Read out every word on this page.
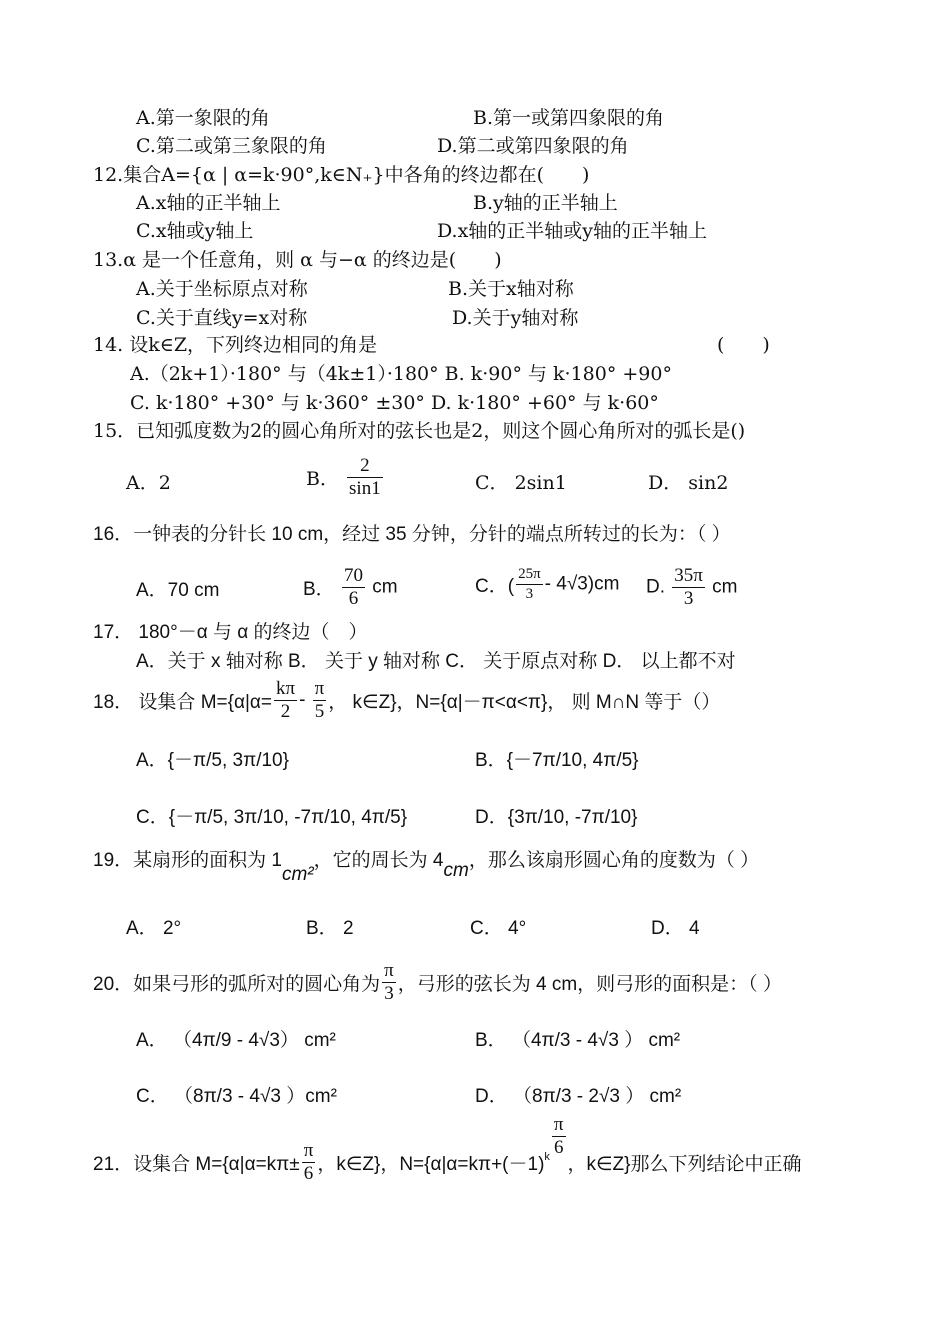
A.第一象限的角	B.第一或第四象限的角
C.第二或第三象限的角	D.第二或第四象限的角
12.集合A={α | α=k·90°,k∈N₊}中各角的终边都在(　　)
A.x轴的正半轴上	B.y轴的正半轴上
C.x轴或y轴上	D.x轴的正半轴或y轴的正半轴上
13.α 是一个任意角，则 α 与−α 的终边是(　　)
A.关于坐标原点对称	B.关于x轴对称
C.关于直线y=x对称	D.关于y轴对称
14. 设k∈Z，下列终边相同的角是	(　　)
A.（2k+1）·180° 与（4k±1）·180° B. k·90° 与 k·180° +90°
C. k·180° +30° 与 k·360° ±30° D. k·180° +60° 与 k·60°
15．已知弧度数为2的圆心角所对的弦长也是2，则这个圆心角所对的弧长是()
A．2	B． $\frac{2}{\sin 1}$	C． 2sin1	D． sin2
16．一钟表的分针长 10 cm，经过 35 分钟，分针的端点所转过的长为：（ ）
A．70 cm	B． $\frac{70}{6}$ cm	C．( $\frac{25\pi}{3} - 4√3)cm$ D. $\frac{35\pi}{3}$ cm
17． 180°－α 与 α 的终边（　）
A．关于 x 轴对称 B． 关于 y 轴对称 C． 关于原点对称 D． 以上都不对
18． 设集合 $M=\{\alpha|\alpha= \frac{k\pi}{2} - \frac{\pi}{5}$ ， k∈Z}，N={α|－π<α<π}， 则 M∩N 等于（）
A．{－π/5, 3π/10}	B．{－7π/10, 4π/5}
C．{－π/5, 3π/10, -7π/10, 4π/5}	D．{3π/10, -7π/10}
19．某扇形的面积为 1cm²，它的周长为 4cm，那么该扇形圆心角的度数为（ ）
A． 2°	B． 2	C． 4°	D． 4
20．如果弓形的弧所对的圆心角为 $\frac{\pi}{3}$ ，弓形的弦长为 4 cm，则弓形的面积是：（ ）
A． （4π/9 - 4√3） cm²	B． （4π/3 - 4√3 ） cm²
C． （8π/3 - 4√3 ）cm²	D． （8π/3 - 2√3 ） cm²
21．设集合 $M=\{\alpha|\alpha=k\pi\pm \frac{\pi}{6}$ ，k∈Z}，$N=\{\alpha|\alpha=k\pi+(-1)^k \frac{\pi}{6}$
，k∈Z}那么下列结论中正确
